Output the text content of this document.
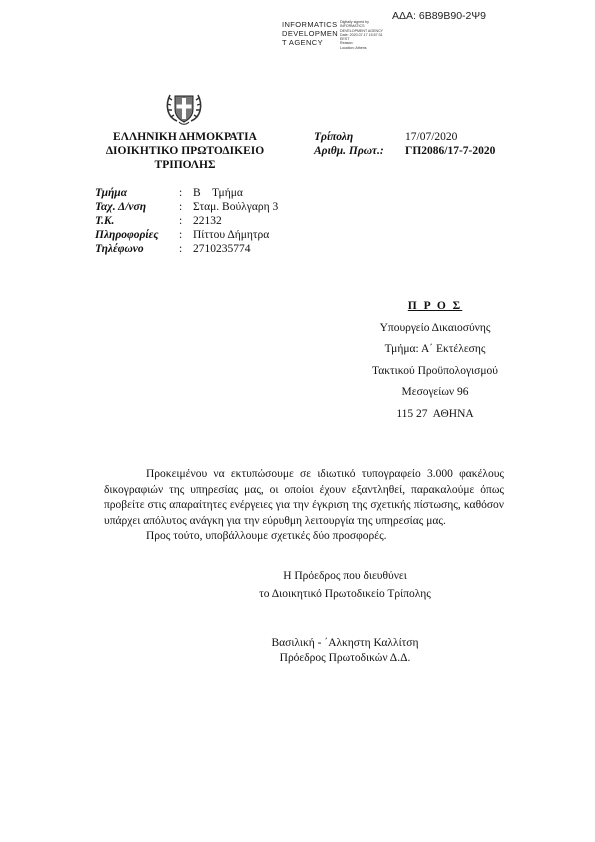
ΑΔΑ: 6Β89Β90-2Ψ9
INFORMATICS
DEVELOPMEN
T AGENCY
Digitally signed by
INFORMATICS
DEVELOPMENT AGENCY
Date: 2020.07.17 15:57:31
EEST
Reason:
Location: Athens
ΕΛΛΗΝΙΚΗ ΔΗΜΟΚΡΑΤΙΑ
ΔΙΟΙΚΗΤΙΚΟ ΠΡΩΤΟΔΙΚΕΙΟ
ΤΡΙΠΟΛΗΣ
Τρίπολη	17/07/2020
Αριθμ. Πρωτ.: ΓΠ2086/17-7-2020
Τμήμα	: Β    Τμήμα
Ταχ. Δ/νση	: Σταμ. Βούλγαρη 3
Τ.Κ.	: 22132
Πληροφορίες	: Πίττου Δήμητρα
Τηλέφωνο	: 2710235774
Π Ρ Ο Σ
Υπουργείο Δικαιοσύνης
Τμήμα: Α΄ Εκτέλεσης
Τακτικού Προϋπολογισμού
Μεσογείων 96
115 27  ΑΘΗΝΑ

Προκειμένου να εκτυπώσουμε σε ιδιωτικό τυπογραφείο 3.000 φακέλους δικογραφιών της υπηρεσίας μας, οι οποίοι έχουν εξαντληθεί, παρακαλούμε όπως προβείτε στις απαραίτητες ενέργειες για την έγκριση της σχετικής πίστωσης, καθόσον υπάρχει απόλυτος ανάγκη για την εύρυθμη λειτουργία της υπηρεσίας μας.

Προς τούτο, υποβάλλουμε σχετικές δύο προσφορές.

Η Πρόεδρος που διευθύνει
το Διοικητικό Πρωτοδικείο Τρίπολης
Βασιλική - ΄Αλκηστη Καλλίτση
Πρόεδρος Πρωτοδικών Δ.Δ.
